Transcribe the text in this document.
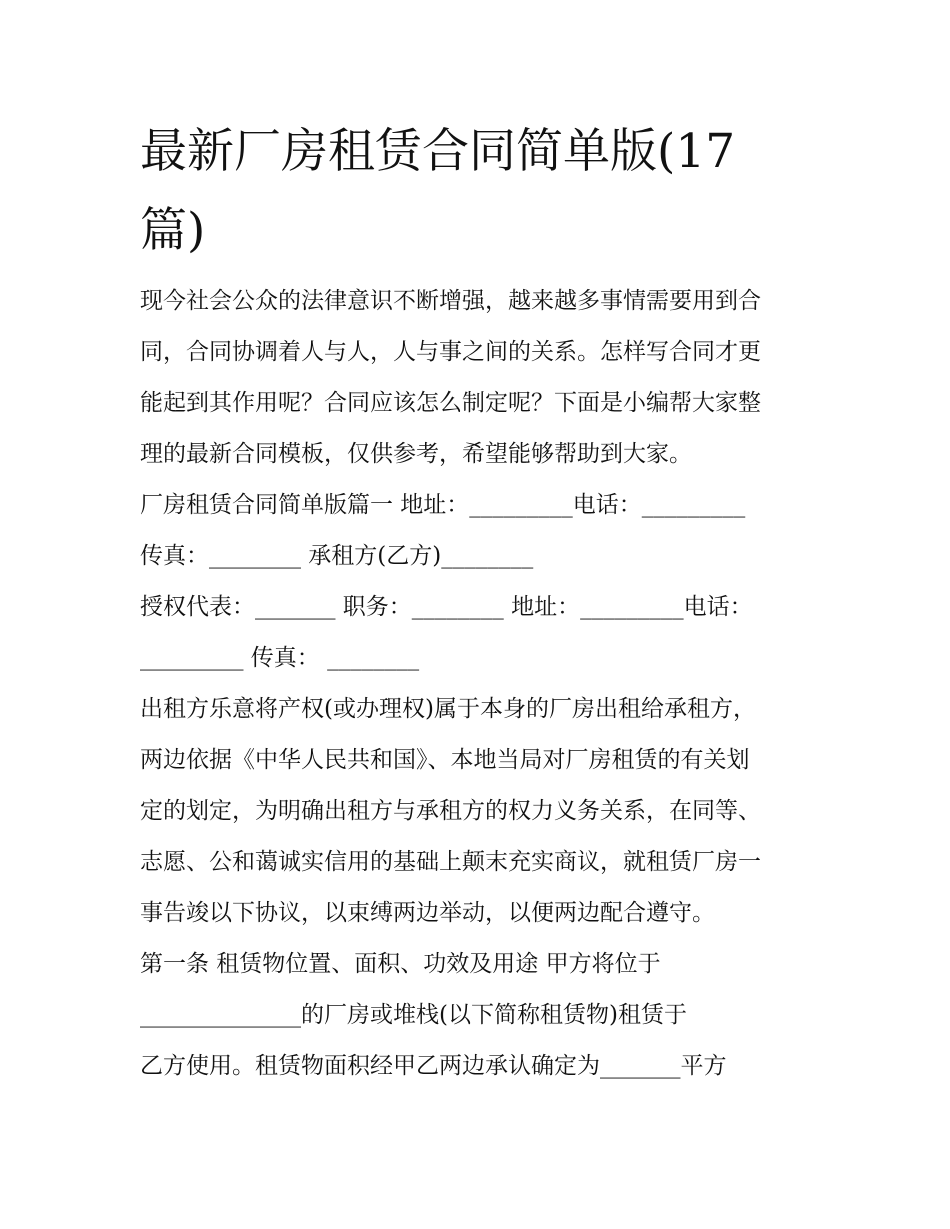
最新厂房租赁合同简单版(17
篇)
现今社会公众的法律意识不断增强，越来越多事情需要用到合
同，合同协调着人与人，人与事之间的关系。怎样写合同才更
能起到其作用呢？合同应该怎么制定呢？下面是小编帮大家整
理的最新合同模板，仅供参考，希望能够帮助到大家。
厂房租赁合同简单版篇一 地址：_________电话：_________
传真：________ 承租方(乙方)________
授权代表：_______ 职务：________ 地址：_________电话：
_________ 传真： ________
出租方乐意将产权(或办理权)属于本身的厂房出租给承租方，
两边依据《中华人民共和国》、本地当局对厂房租赁的有关划
定的划定，为明确出租方与承租方的权力义务关系，在同等、
志愿、公和蔼诚实信用的基础上颠末充实商议，就租赁厂房一
事告竣以下协议，以束缚两边举动，以便两边配合遵守。
第一条 租赁物位置、面积、功效及用途 甲方将位于
______________的厂房或堆栈(以下简称租赁物)租赁于
乙方使用。租赁物面积经甲乙两边承认确定为_______平方
